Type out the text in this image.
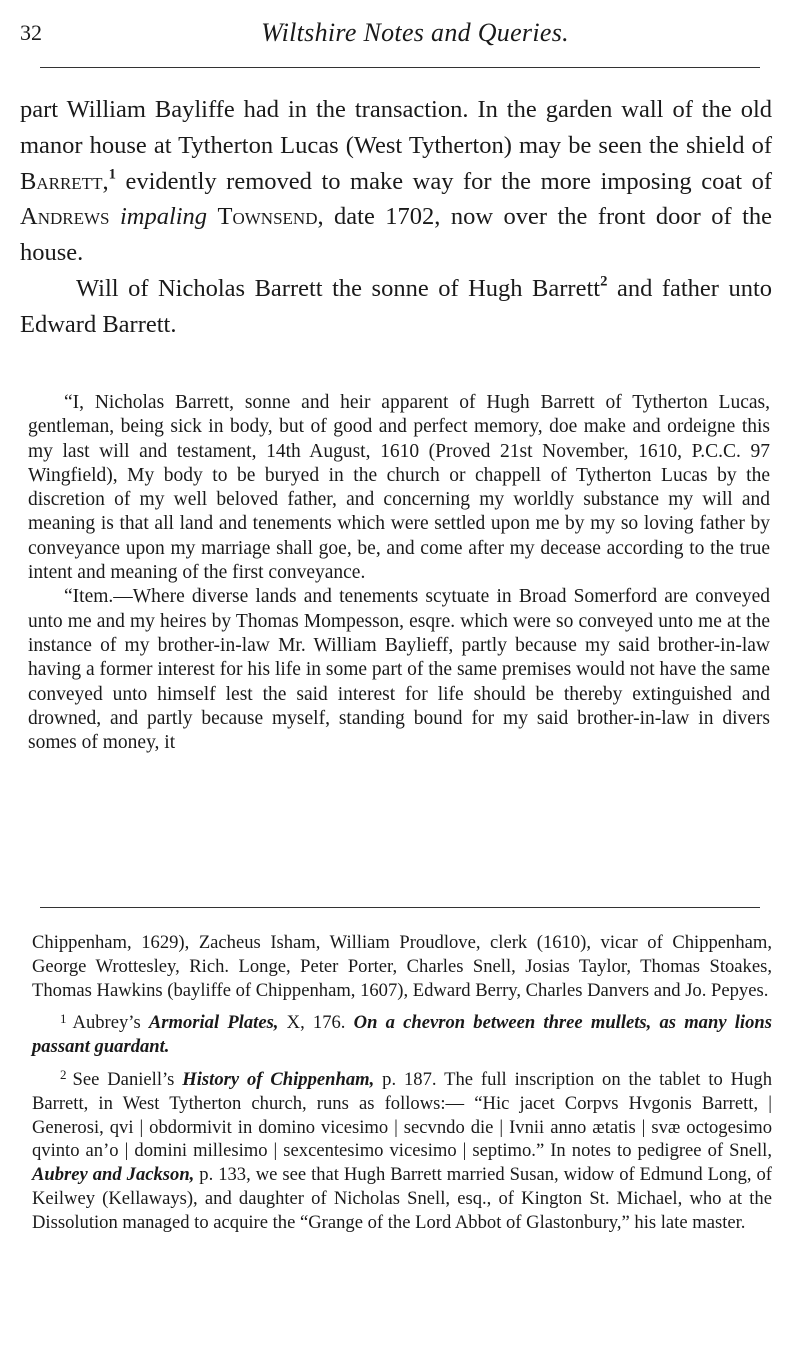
32	Wiltshire Notes and Queries.

part William Bayliffe had in the transaction. In the garden wall of the old manor house at Tytherton Lucas (West Tytherton) may be seen the shield of Barrett,$^1$ evidently removed to make way for the more imposing coat of Andrews impaling Townsend, date 1702, now over the front door of the house.

Will of Nicholas Barrett the sonne of Hugh Barrett$^2$ and father unto Edward Barrett.

“I, Nicholas Barrett, sonne and heir apparent of Hugh Barrett of Tytherton Lucas, gentleman, being sick in body, but of good and perfect memory, doe make and ordeigne this my last will and testament, 14th August, 1610 (Proved 21st November, 1610, P.C.C. 97 Wingfield), My body to be buryed in the church or chappell of Tytherton Lucas by the discretion of my well beloved father, and concerning my worldly substance my will and meaning is that all land and tenements which were settled upon me by my so loving father by conveyance upon my marriage shall goe, be, and come after my decease according to the true intent and meaning of the first conveyance.

“Item.—Where diverse lands and tenements scytuate in Broad Somerford are conveyed unto me and my heires by Thomas Mompesson, esqre. which were so conveyed unto me at the instance of my brother-in-law Mr. William Baylieff, partly because my said brother-in-law having a former interest for his life in some part of the same premises would not have the same conveyed unto himself lest the said interest for life should be thereby extinguished and drowned, and partly because myself, standing bound for my said brother-in-law in divers somes of money, it

Chippenham, 1629), Zacheus Isham, William Proudlove, clerk (1610), vicar of Chippenham, George Wrottesley, Rich. Longe, Peter Porter, Charles Snell, Josias Taylor, Thomas Stoakes, Thomas Hawkins (bayliffe of Chippenham, 1607), Edward Berry, Charles Danvers and Jo. Pepyes.

$^1$ Aubrey’s Armorial Plates, X, 176. On a chevron between three mullets, as many lions passant guardant.

$^2$ See Daniell’s History of Chippenham, p. 187. The full inscription on the tablet to Hugh Barrett, in West Tytherton church, runs as follows:— “Hic jacet Corpvs Hvgonis Barrett, | Generosi, qvi | obdormivit in domino vicesimo | secvndo die | Ivnii anno ætatis | svæ octogesimo qvinto an’o | domini millesimo | sexcentesimo vicesimo | septimo.” In notes to pedigree of Snell, Aubrey and Jackson, p. 133, we see that Hugh Barrett married Susan, widow of Edmund Long, of Keilwey (Kellaways), and daughter of Nicholas Snell, esq., of Kington St. Michael, who at the Dissolution managed to acquire the “Grange of the Lord Abbot of Glastonbury,” his late master.
